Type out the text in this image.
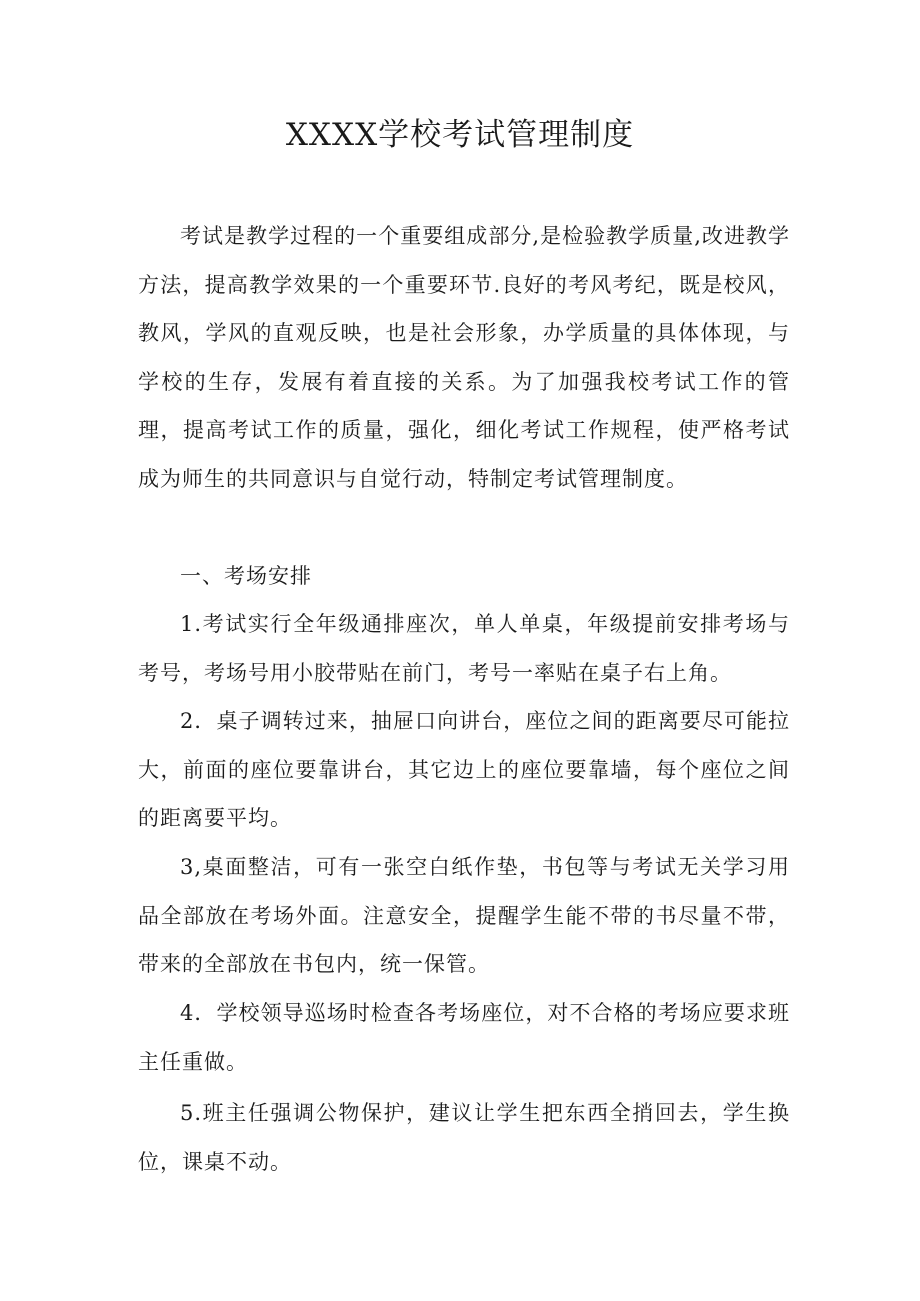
XXXX学校考试管理制度

考试是教学过程的一个重要组成部分,是检验教学质量,改进教学方法，提高教学效果的一个重要环节.良好的考风考纪，既是校风，教风，学风的直观反映，也是社会形象，办学质量的具体体现，与学校的生存，发展有着直接的关系。为了加强我校考试工作的管理，提高考试工作的质量，强化，细化考试工作规程，使严格考试成为师生的共同意识与自觉行动，特制定考试管理制度。

一、考场安排

1.考试实行全年级通排座次，单人单桌，年级提前安排考场与考号，考场号用小胶带贴在前门，考号一率贴在桌子右上角。

2．桌子调转过来，抽屉口向讲台，座位之间的距离要尽可能拉大，前面的座位要靠讲台，其它边上的座位要靠墙，每个座位之间的距离要平均。

3,桌面整洁，可有一张空白纸作垫，书包等与考试无关学习用品全部放在考场外面。注意安全，提醒学生能不带的书尽量不带，带来的全部放在书包内，统一保管。

4．学校领导巡场时检查各考场座位，对不合格的考场应要求班主任重做。

5.班主任强调公物保护，建议让学生把东西全捎回去，学生换位，课桌不动。
